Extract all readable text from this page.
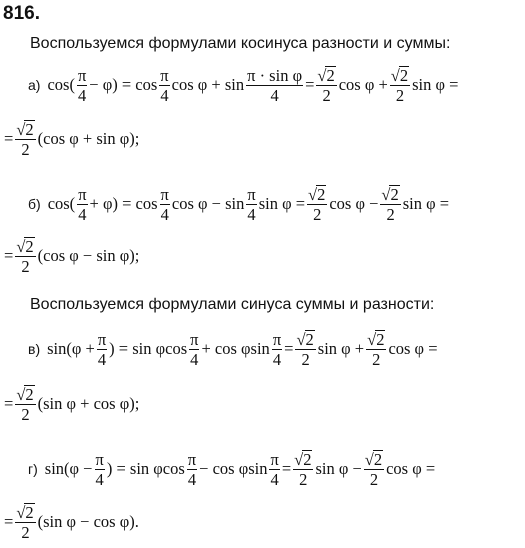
816.
Воспользуемся формулами косинуса разности и суммы:
а) $\cos( \frac{\pi}{4} - \varphi) = \cos \frac{\pi}{4}$ $\cos \varphi + \sin \frac{\text{π · sin φ}}{4} = \frac{√2}{2}$ $\cos \varphi + \frac{√2}{2}$ sin φ =
= $\frac{√2}{2} (\cos$ φ + sin φ);
б) $\cos( \frac{\pi}{4} + \varphi) = \cos \frac{\pi}{4}$ $\cos \varphi - \sin \frac{\pi}{4}$ $\sin \varphi = \frac{√2}{2}$ $\cos \varphi - \frac{√2}{2}$ sin φ =
= $\frac{√2}{2} (\cos$ φ − sin φ);
Воспользуемся формулами синуса суммы и разности:
в) $\sin(\varphi + \frac{\pi}{4}$ ) = sin φcos $\frac{\pi}{4} + \cos \varphi\sin \frac{\pi}{4} = \frac{√2}{2}$ $\sin \varphi + \frac{√2}{2}$ cos φ =
= $\frac{√2}{2} (\sin$ φ + cos φ);
г) $\sin(\varphi - \frac{\pi}{4}$ ) = sin φcos $\frac{\pi}{4} - \cos \varphi\sin \frac{\pi}{4} = \frac{√2}{2}$ $\sin \varphi - \frac{√2}{2}$ cos φ =
= $\frac{√2}{2} (\sin$ φ − cos φ).
